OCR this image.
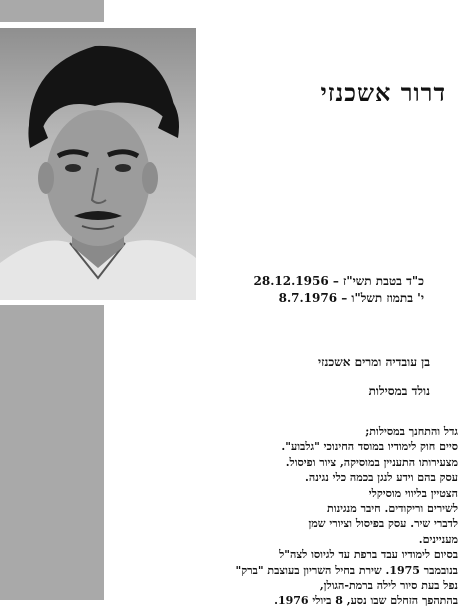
דרור אשכנזי
כ"ד בטבת תשי"ז – 28.12.1956
י' בתמוז תשל"ו – 8.7.1976
בן עובדיה ומרים אשכנזי
נולד במסילות
גדל והתחנך במסילות;
סיים חוק לימודיו במוסד החינוכי "גלבוע".
מצעירותו התעניין במוסיקה, ציור ופיסול.
עסק בהם וידע לנגן בכמה כלי נגינה.
הצטיין בליווי מוסיקלי
לשירים וריקודים. חיבר מנגינות
לדברי שיר. עסק בפיסול וציורי שמן
מעניינים.
בסיום לימודיו עבד ברפת עד לגיוסו לצה"ל
בנובמבר 1975. שירת בחיל השריון בעוצבת "ברק"
נפל בעת סיור לילה ברמת-הגולן,
בהתהפך הזחלם שבו נסע, 8 ביולי 1976.
